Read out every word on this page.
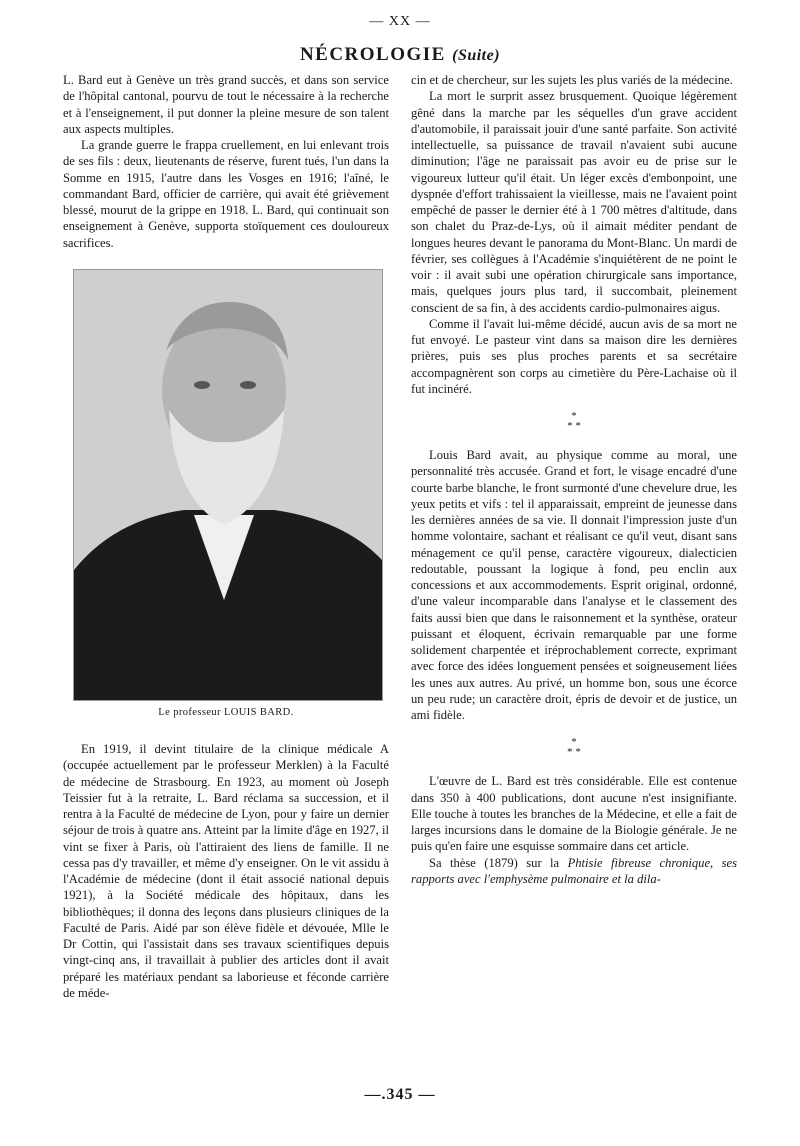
— XX —
NÉCROLOGIE (Suite)

L. Bard eut à Genève un très grand succès, et dans son service de l'hôpital cantonal, pourvu de tout le nécessaire à la recherche et à l'enseignement, il put donner la pleine mesure de son talent aux aspects multiples.

La grande guerre le frappa cruellement, en lui enlevant trois de ses fils : deux, lieutenants de réserve, furent tués, l'un dans la Somme en 1915, l'autre dans les Vosges en 1916; l'aîné, le commandant Bard, officier de carrière, qui avait été grièvement blessé, mourut de la grippe en 1918. L. Bard, qui continuait son enseignement à Genève, supporta stoïquement ces douloureux sacrifices.

Le professeur LOUIS BARD.

En 1919, il devint titulaire de la clinique médicale A (occupée actuellement par le professeur Merklen) à la Faculté de médecine de Strasbourg. En 1923, au moment où Joseph Teissier fut à la retraite, L. Bard réclama sa succession, et il rentra à la Faculté de médecine de Lyon, pour y faire un dernier séjour de trois à quatre ans. Atteint par la limite d'âge en 1927, il vint se fixer à Paris, où l'attiraient des liens de famille. Il ne cessa pas d'y travailler, et même d'y enseigner. On le vit assidu à l'Académie de médecine (dont il était associé national depuis 1921), à la Société médicale des hôpitaux, dans les bibliothèques; il donna des leçons dans plusieurs cliniques de la Faculté de Paris. Aidé par son élève fidèle et dévouée, Mlle le Dr Cottin, qui l'assistait dans ses travaux scientifiques depuis vingt-cinq ans, il travaillait à publier des articles dont il avait préparé les matériaux pendant sa laborieuse et féconde carrière de méde-

cin et de chercheur, sur les sujets les plus variés de la médecine.

La mort le surprit assez brusquement. Quoique légèrement gêné dans la marche par les séquelles d'un grave accident d'automobile, il paraissait jouir d'une santé parfaite. Son activité intellectuelle, sa puissance de travail n'avaient subi aucune diminution; l'âge ne paraissait pas avoir eu de prise sur le vigoureux lutteur qu'il était. Un léger excès d'embonpoint, une dyspnée d'effort trahissaient la vieillesse, mais ne l'avaient point empêché de passer le dernier été à 1 700 mètres d'altitude, dans son chalet du Praz-de-Lys, où il aimait méditer pendant de longues heures devant le panorama du Mont-Blanc. Un mardi de février, ses collègues à l'Académie s'inquiétèrent de ne point le voir : il avait subi une opération chirurgicale sans importance, mais, quelques jours plus tard, il succombait, pleinement conscient de sa fin, à des accidents cardio-pulmonaires aigus.

Comme il l'avait lui-même décidé, aucun avis de sa mort ne fut envoyé. Le pasteur vint dans sa maison dire les dernières prières, puis ses plus proches parents et sa secrétaire accompagnèrent son corps au cimetière du Père-Lachaise où il fut incinéré.

*
* *

Louis Bard avait, au physique comme au moral, une personnalité très accusée. Grand et fort, le visage encadré d'une courte barbe blanche, le front surmonté d'une chevelure drue, les yeux petits et vifs : tel il apparaissait, empreint de jeunesse dans les dernières années de sa vie. Il donnait l'impression juste d'un homme volontaire, sachant et réalisant ce qu'il veut, disant sans ménagement ce qu'il pense, caractère vigoureux, dialecticien redoutable, poussant la logique à fond, peu enclin aux concessions et aux accommodements. Esprit original, ordonné, d'une valeur incomparable dans l'analyse et le classement des faits aussi bien que dans le raisonnement et la synthèse, orateur puissant et éloquent, écrivain remarquable par une forme solidement charpentée et iréprochablement correcte, exprimant avec force des idées longuement pensées et soigneusement liées les unes aux autres. Au privé, un homme bon, sous une écorce un peu rude; un caractère droit, épris de devoir et de justice, un ami fidèle.

*
* *

L'œuvre de L. Bard est très considérable. Elle est contenue dans 350 à 400 publications, dont aucune n'est insignifiante. Elle touche à toutes les branches de la Médecine, et elle a fait de larges incursions dans le domaine de la Biologie générale. Je ne puis qu'en faire une esquisse sommaire dans cet article.

Sa thèse (1879) sur la Phtisie fibreuse chronique, ses rapports avec l'emphysème pulmonaire et la dila-

—.345 —
